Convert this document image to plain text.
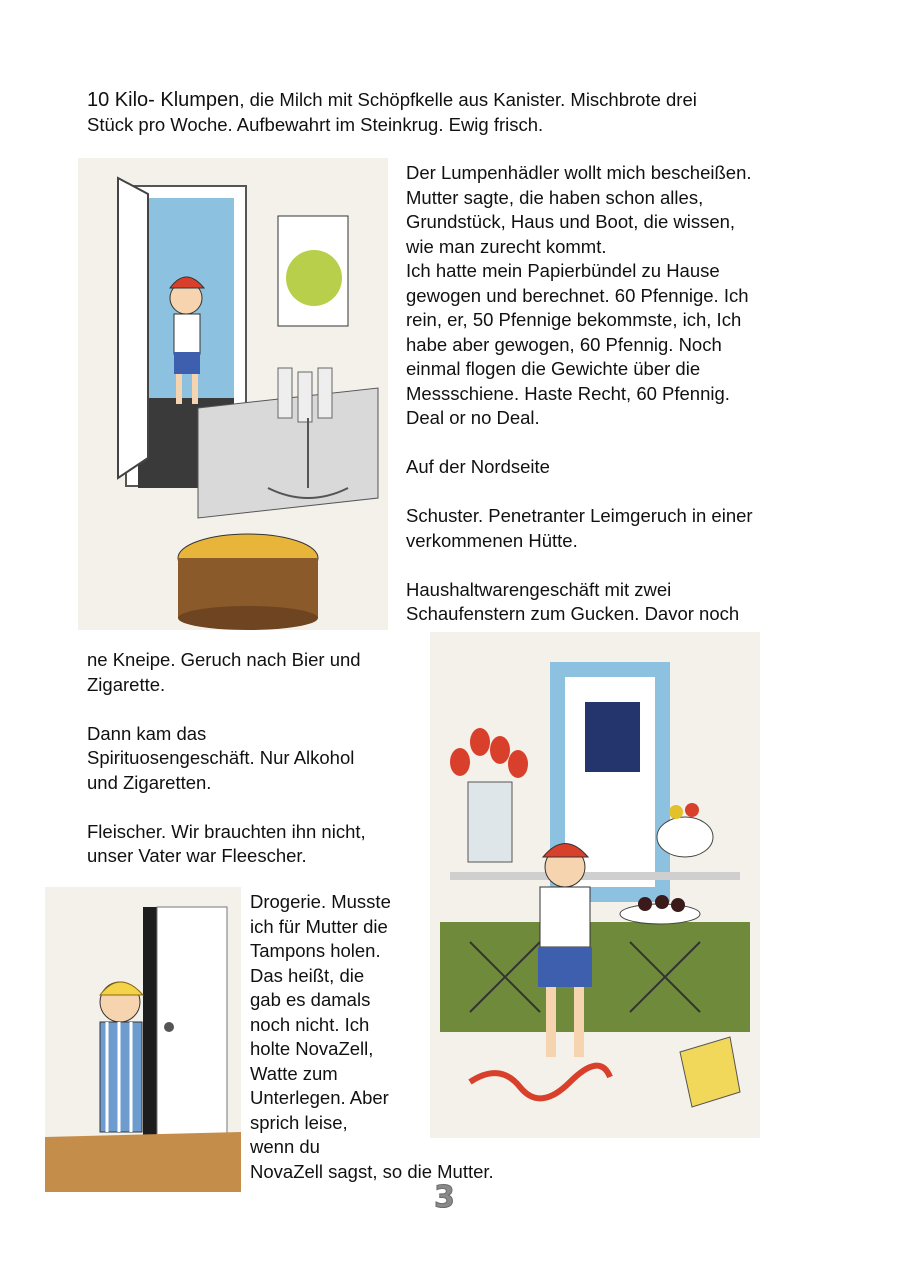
10 Kilo- Klumpen, die Milch mit Schöpfkelle aus Kanister. Mischbrote drei

Stück pro Woche. Aufbewahrt im Steinkrug. Ewig frisch.

Der Lumpenhädler wollt mich bescheißen.

Mutter sagte, die haben schon alles,

Grundstück, Haus und Boot, die wissen,

wie man zurecht kommt.

Ich hatte mein Papierbündel zu Hause

gewogen und berechnet. 60 Pfennige. Ich

rein, er, 50 Pfennige bekommste, ich, Ich

habe aber gewogen, 60 Pfennig. Noch

einmal flogen die Gewichte über die

Messschiene. Haste Recht, 60 Pfennig.

Deal or no Deal.

Auf der Nordseite

Schuster. Penetranter Leimgeruch in einer

verkommenen Hütte.

Haushaltwarengeschäft mit zwei

Schaufenstern zum Gucken. Davor noch

ne Kneipe. Geruch nach Bier und

Zigarette.

Dann kam das

Spirituosengeschäft. Nur Alkohol

und Zigaretten.

Fleischer. Wir brauchten ihn nicht,

unser Vater war Fleescher.

Drogerie. Musste

ich für Mutter die

Tampons holen.

Das heißt, die

gab es damals

noch nicht. Ich

holte NovaZell,

Watte zum

Unterlegen. Aber

sprich leise,

wenn du

NovaZell sagst, so die Mutter.

3
